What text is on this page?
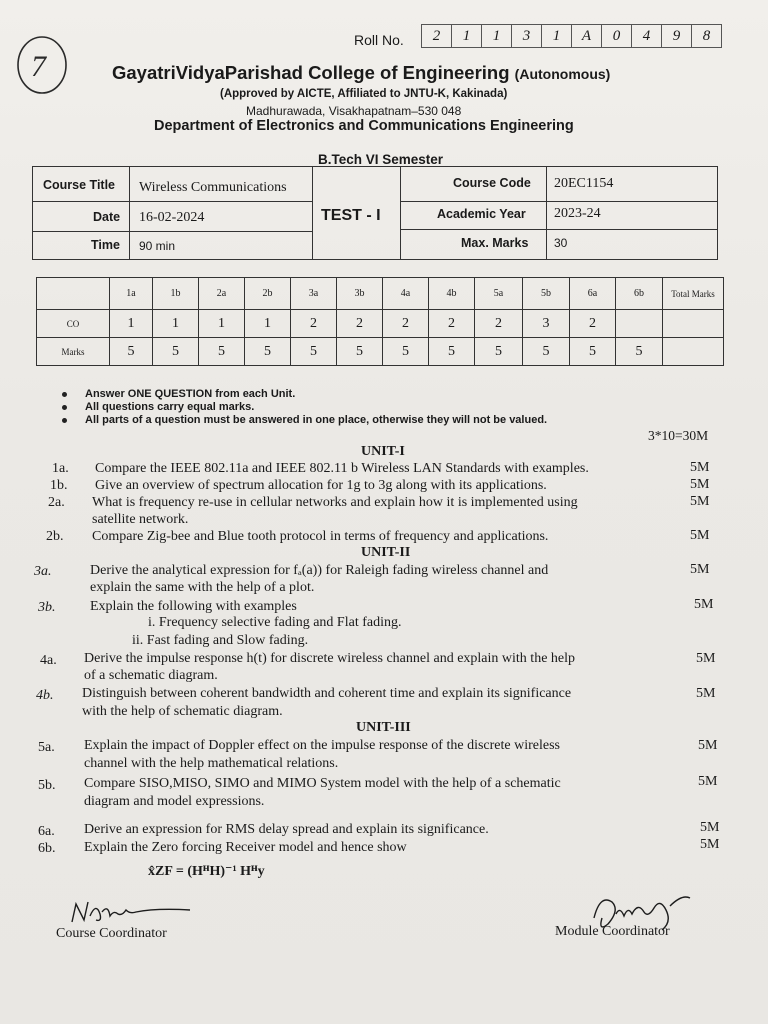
7
Roll No.	2	1	1	3	1	A	0	4	9	8
GayatriVidyaParishad College of Engineering (Autonomous)
(Approved by AICTE, Affiliated to JNTU-K, Kakinada)
Madhurawada, Visakhapatnam–530 048
Department of Electronics and Communications Engineering
B.Tech VI Semester
Course Title Wireless Communications
Date 16-02-2024
Time 90 min
TEST - I
Course Code 20EC1154
Academic Year 2023-24
Max. Marks 30
	1a	1b	2a	2b	3a	3b	4a	4b	5a	5b	6a	6b	Total Marks
CO	1	1	1	1	2	2	2	2	2	3	2		
Marks	5	5	5	5	5	5	5	5	5	5	5	5	
Answer ONE QUESTION from each Unit.
All questions carry equal marks.
All parts of a question must be answered in one place, otherwise they will not be valued.
3*10=30M
UNIT-I
1a. Compare the IEEE 802.11a and IEEE 802.11 b Wireless LAN Standards with examples.	5M
1b. Give an overview of spectrum allocation for 1g to 3g along with its applications.	5M
2a. What is frequency re-use in cellular networks and explain how it is implemented using
satellite network.
5M
2b. Compare Zig-bee and Blue tooth protocol in terms of frequency and applications.	5M
UNIT-II
3a.	Derive the analytical expression for fₐ(a)) for Raleigh fading wireless channel and
explain the same with the help of a plot.
5M
3b. Explain the following with examples
i. Frequency selective fading and Flat fading.
ii. Fast fading and Slow fading.
5M
4a. Derive the impulse response h(t) for discrete wireless channel and explain with the help
of a schematic diagram.
5M
4b. Distinguish between coherent bandwidth and coherent time and explain its significance
with the help of schematic diagram.
5M
UNIT-III
5a. Explain the impact of Doppler effect on the impulse response of the discrete wireless
channel with the help mathematical relations.
5M
5b. Compare SISO,MISO, SIMO and MIMO System model with the help of a schematic
diagram and model expressions.
5M
6a. Derive an expression for RMS delay spread and explain its significance.	5M
6b. Explain the Zero forcing Receiver model and hence show	5M
x̂ZF = (HᴴH)⁻¹ Hᴴy
Course Coordinator	Module Coordinator
